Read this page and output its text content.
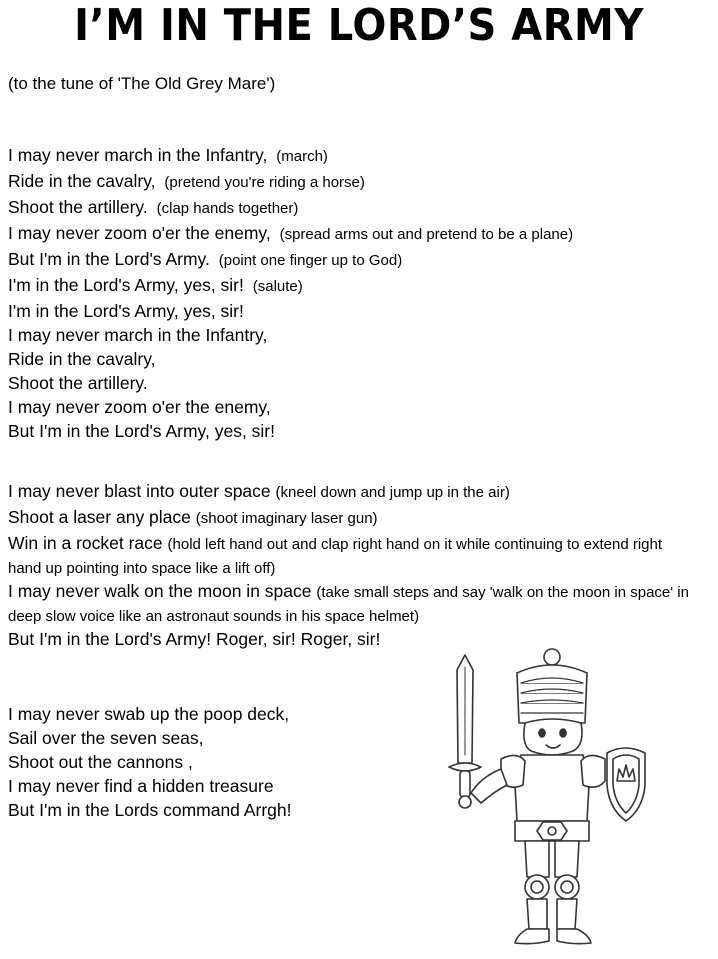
I’M IN THE LORD’S ARMY
(to the tune of 'The Old Grey Mare')
I may never march in the Infantry, (march)
Ride in the cavalry, (pretend you're riding a horse)
Shoot the artillery. (clap hands together)
I may never zoom o'er the enemy, (spread arms out and pretend to be a plane)
But I'm in the Lord's Army. (point one finger up to God)
I'm in the Lord's Army, yes, sir! (salute)
I'm in the Lord's Army, yes, sir!
I may never march in the Infantry,
Ride in the cavalry,
Shoot the artillery.
I may never zoom o'er the enemy,
But I'm in the Lord's Army, yes, sir!
I may never blast into outer space (kneel down and jump up in the air)
Shoot a laser any place (shoot imaginary laser gun)
Win in a rocket race (hold left hand out and clap right hand on it while continuing to extend right hand up pointing into space like a lift off)
I may never walk on the moon in space (take small steps and say 'walk on the moon in space' in deep slow voice like an astronaut sounds in his space helmet)
But I'm in the Lord's Army! Roger, sir! Roger, sir!
I may never swab up the poop deck,
Sail over the seven seas,
Shoot out the cannons ,
I may never find a hidden treasure
But I'm in the Lords command Arrgh!
